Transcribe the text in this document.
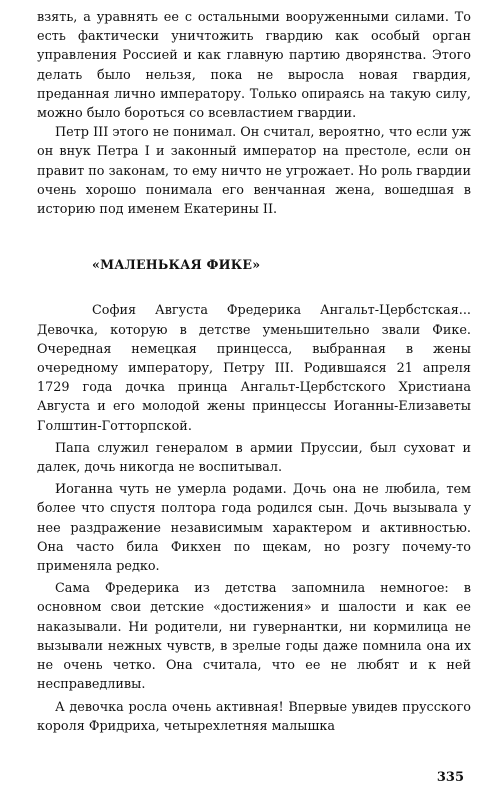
взять, а уравнять ее с остальными вооруженными силами. То есть фактически уничтожить гвардию как особый орган управления Россией и как главную партию дворянства. Этого делать было нельзя, пока не выросла новая гвардия, преданная лично императору. Только опираясь на такую силу, можно было бороться со всевластием гвардии.

Петр III этого не понимал. Он считал, вероятно, что если уж он внук Петра I и законный император на престоле, если он правит по законам, то ему ничто не угрожает. Но роль гвардии очень хорошо понимала его венчанная жена, вошедшая в историю под именем Екатерины II.

«МАЛЕНЬКАЯ ФИКЕ»

София Августа Фредерика Ангальт-Цербстская... Девочка, которую в детстве уменьшительно звали Фике. Очередная немецкая принцесса, выбранная в жены очередному императору, Петру III. Родившаяся 21 апреля 1729 года дочка принца Ангальт-Цербстского Христиана Августа и его молодой жены принцессы Иоганны-Елизаветы Голштин-Готторпской.

Папа служил генералом в армии Пруссии, был суховат и далек, дочь никогда не воспитывал.

Иоганна чуть не умерла родами. Дочь она не любила, тем более что спустя полтора года родился сын. Дочь вызывала у нее раздражение независимым характером и активностью. Она часто била Фикхен по щекам, но розгу почему-то применяла редко.

Сама Фредерика из детства запомнила немногое: в основном свои детские «достижения» и шалости и как ее наказывали. Ни родители, ни гувернантки, ни кормилица не вызывали нежных чувств, в зрелые годы даже помнила она их не очень четко. Она считала, что ее не любят и к ней несправедливы.

А девочка росла очень активная! Впервые увидев прусского короля Фридриха, четырехлетняя малышка

335
